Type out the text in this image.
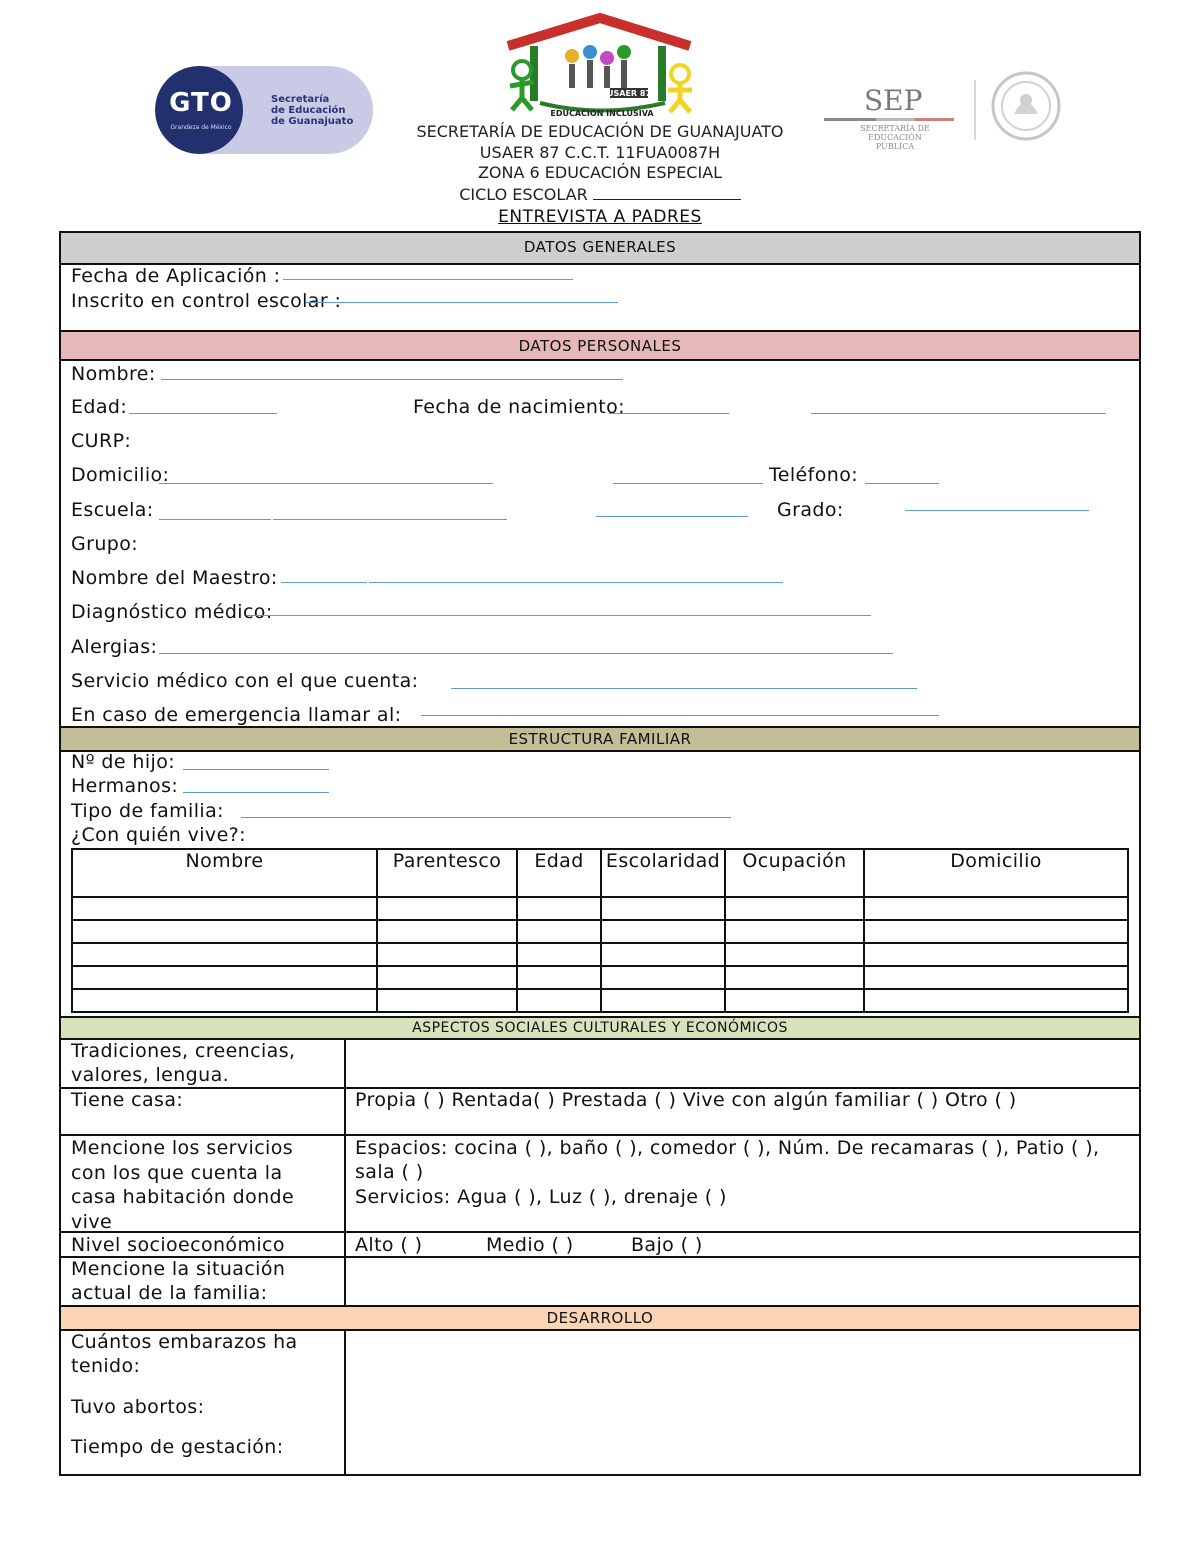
GTO
Grandeza de México
Secretaría
de Educación
de Guanajuato
USAER 87
EDUCACIÓN INCLUSIVA	SEP
SECRETARÍA DE
EDUCACIÓN PÚBLICA
SECRETARÍA DE EDUCACIÓN DE GUANAJUATO
USAER 87 C.C.T. 11FUA0087H
ZONA 6 EDUCACIÓN ESPECIAL
CICLO ESCOLAR
ENTREVISTA A PADRES
DATOS GENERALES
Fecha de Aplicación :
Inscrito en control escolar :
DATOS PERSONALES
Nombre:
Edad:	Fecha de nacimiento:
CURP:
Domicilio:	Teléfono:
Escuela:	Grado:
Grupo:
Nombre del Maestro:
Diagnóstico médico:
Alergias:
Servicio médico con el que cuenta:
En caso de emergencia llamar al:
ESTRUCTURA FAMILIAR
Nº de hijo:
Hermanos:
Tipo de familia:
¿Con quién vive?:
Nombre	Parentesco	Edad	Escolaridad	Ocupación	Domicilio

ASPECTOS SOCIALES CULTURALES Y ECONÓMICOS
Tradiciones, creencias, valores, lengua.
Tiene casa:	Propia ( ) Rentada( ) Prestada ( ) Vive con algún familiar ( ) Otro ( )
Mencione los servicios con los que cuenta la casa habitación donde vive
Espacios: cocina ( ), baño ( ), comedor ( ), Núm. De recamaras ( ), Patio ( ), sala ( )
Servicios: Agua ( ), Luz ( ), drenaje ( )
Nivel socioeconómico	Alto ( )	Medio ( )	Bajo ( )
Mencione la situación actual de la familia:
DESARROLLO
Cuántos embarazos ha tenido:
Tuvo abortos:
Tiempo de gestación:
